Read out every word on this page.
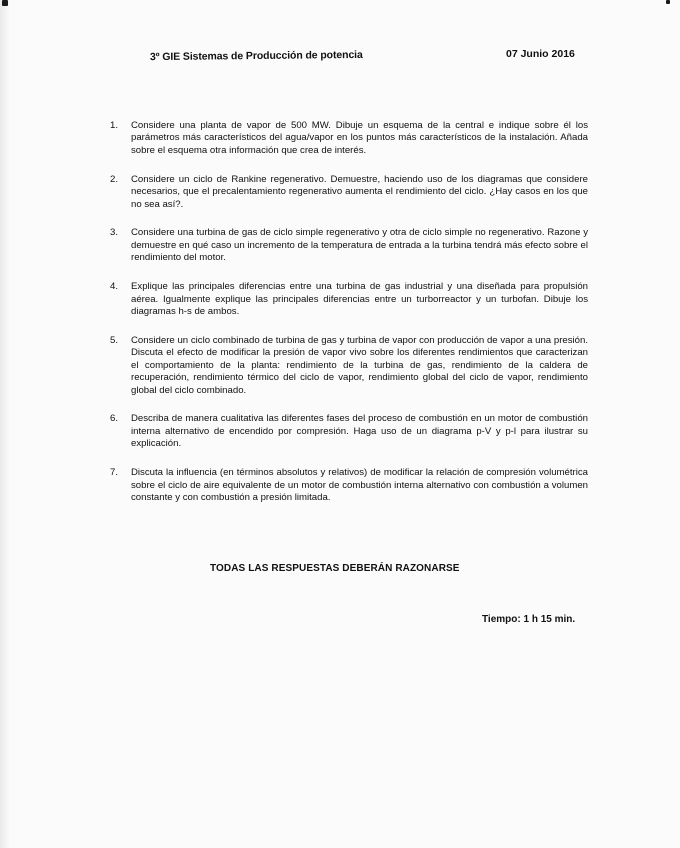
3º GIE Sistemas de Producción de potencia	07 Junio 2016
1. Considere una planta de vapor de 500 MW. Dibuje un esquema de la central e indique sobre él los parámetros más característicos del agua/vapor en los puntos más característicos de la instalación. Añada sobre el esquema otra información que crea de interés.
2. Considere un ciclo de Rankine regenerativo. Demuestre, haciendo uso de los diagramas que considere necesarios, que el precalentamiento regenerativo aumenta el rendimiento del ciclo. ¿Hay casos en los que no sea así?.
3. Considere una turbina de gas de ciclo simple regenerativo y otra de ciclo simple no regenerativo. Razone y demuestre en qué caso un incremento de la temperatura de entrada a la turbina tendrá más efecto sobre el rendimiento del motor.
4. Explique las principales diferencias entre una turbina de gas industrial y una diseñada para propulsión aérea. Igualmente explique las principales diferencias entre un turborreactor y un turbofan. Dibuje los diagramas h-s de ambos.
5. Considere un ciclo combinado de turbina de gas y turbina de vapor con producción de vapor a una presión. Discuta el efecto de modificar la presión de vapor vivo sobre los diferentes rendimientos que caracterizan el comportamiento de la planta: rendimiento de la turbina de gas, rendimiento de la caldera de recuperación, rendimiento térmico del ciclo de vapor, rendimiento global del ciclo de vapor, rendimiento global del ciclo combinado.
6. Describa de manera cualitativa las diferentes fases del proceso de combustión en un motor de combustión interna alternativo de encendido por compresión. Haga uso de un diagrama p-V y p-l para ilustrar su explicación.
7. Discuta la influencia (en términos absolutos y relativos) de modificar la relación de compresión volumétrica sobre el ciclo de aire equivalente de un motor de combustión interna alternativo con combustión a volumen constante y con combustión a presión limitada.
TODAS LAS RESPUESTAS DEBERÁN RAZONARSE
Tiempo: 1 h 15 min.
